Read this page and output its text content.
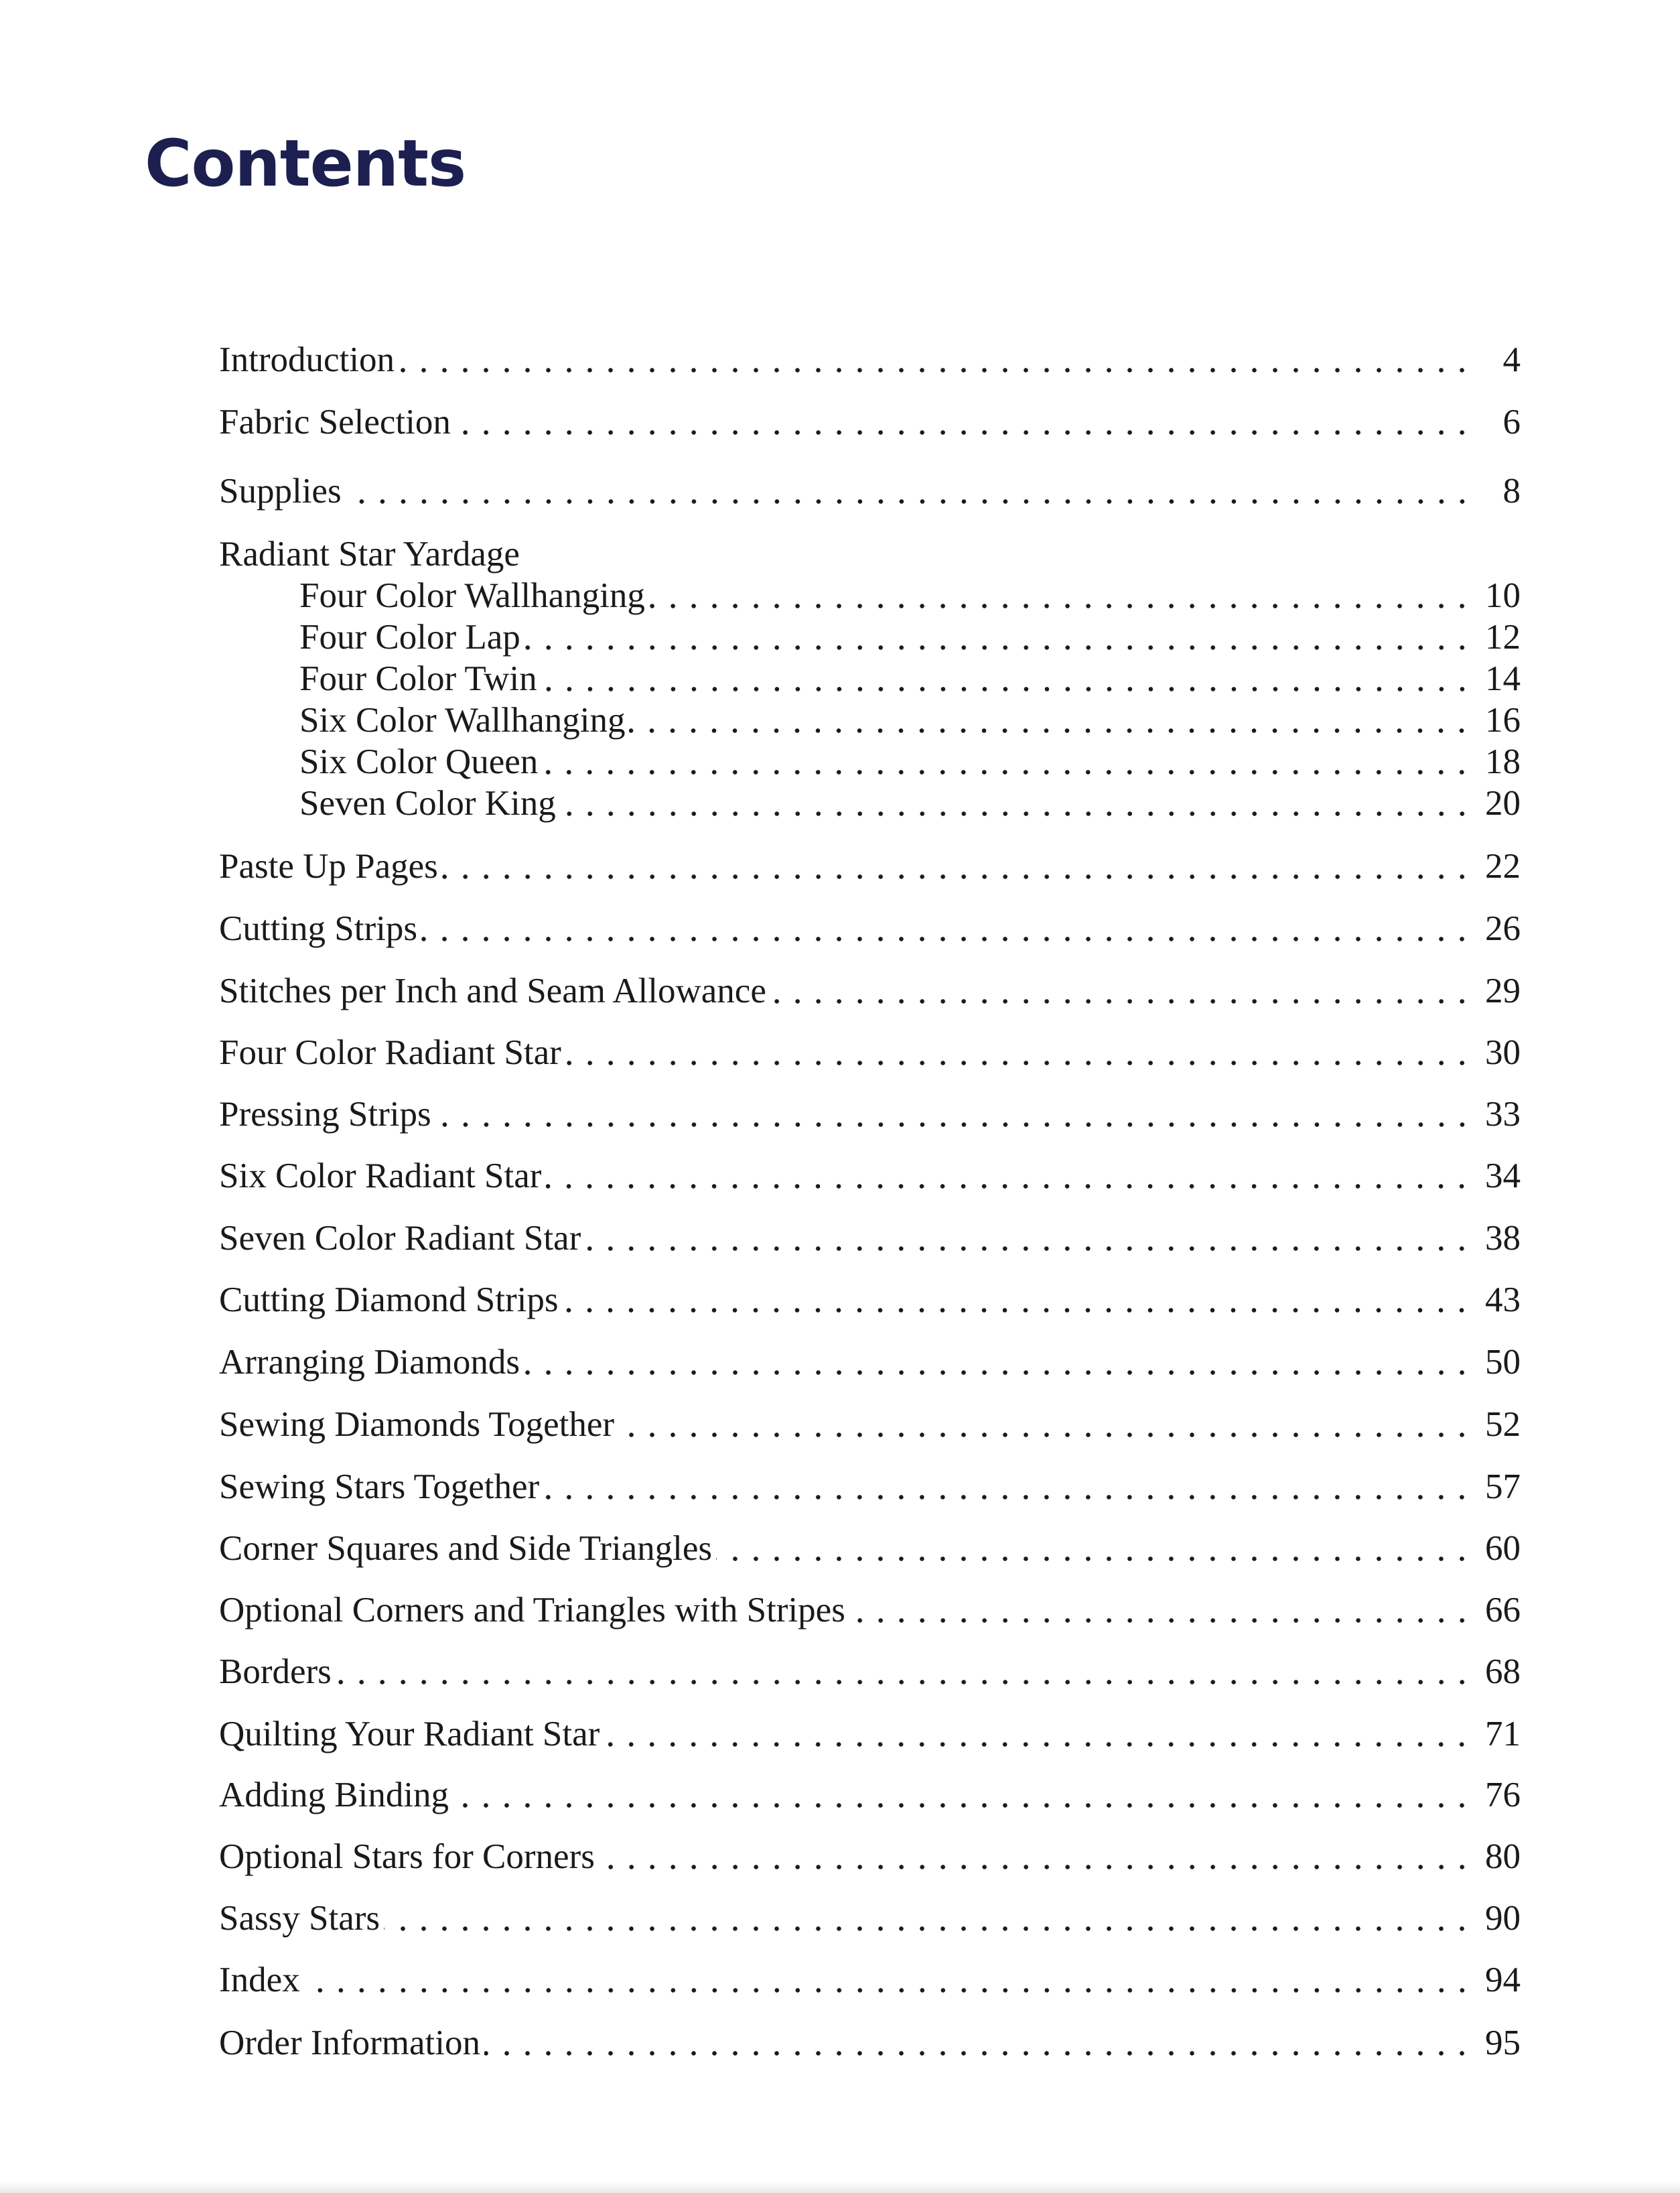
Contents
Introduction	4
Fabric Selection	6
Supplies	8
Radiant Star Yardage
Four Color Wallhanging	10
Four Color Lap	12
Four Color Twin	14
Six Color Wallhanging	16
Six Color Queen	18
Seven Color King	20
Paste Up Pages	22
Cutting Strips	26
Stitches per Inch and Seam Allowance	29
Four Color Radiant Star	30
Pressing Strips	33
Six Color Radiant Star	34
Seven Color Radiant Star	38
Cutting Diamond Strips	43
Arranging Diamonds	50
Sewing Diamonds Together	52
Sewing Stars Together	57
Corner Squares and Side Triangles	60
Optional Corners and Triangles with Stripes	66
Borders	68
Quilting Your Radiant Star	71
Adding Binding	76
Optional Stars for Corners	80
Sassy Stars	90
Index	94
Order Information	95
